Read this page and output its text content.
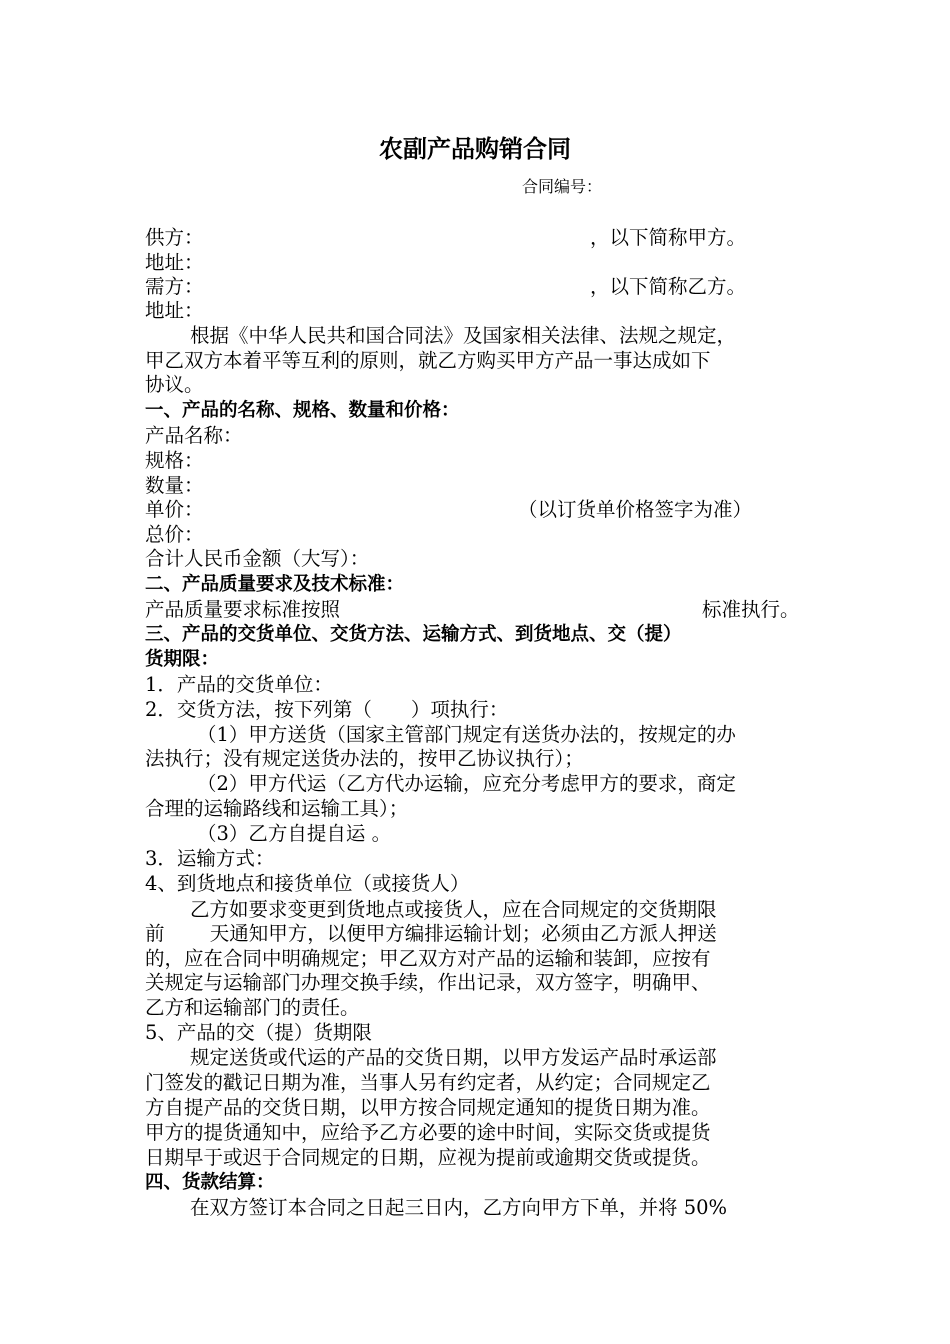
农副产品购销合同
合同编号：
供方：	，以下简称甲方。
地址：
需方：	，以下简称乙方。
地址：
根据《中华人民共和国合同法》及国家相关法律、法规之规定，
甲乙双方本着平等互利的原则，就乙方购买甲方产品一事达成如下
协议。
一、产品的名称、规格、数量和价格：
产品名称：
规格：
数量：
单价：	（以订货单价格签字为准）
总价：
合计人民币金额（大写）：
二、产品质量要求及技术标准：
产品质量要求标准按照	标准执行。
三、产品的交货单位、交货方法、运输方式、到货地点、交（提）
货期限：
1．产品的交货单位：
2．交货方法，按下列第（　　）项执行：
（1）甲方送货（国家主管部门规定有送货办法的，按规定的办
法执行；没有规定送货办法的，按甲乙协议执行）；
（2）甲方代运（乙方代办运输，应充分考虑甲方的要求，商定
合理的运输路线和运输工具）；
（3）乙方自提自运 。
3．运输方式：
4、到货地点和接货单位（或接货人）
乙方如要求变更到货地点或接货人，应在合同规定的交货期限
前　　 天通知甲方，以便甲方编排运输计划；必须由乙方派人押送
的，应在合同中明确规定；甲乙双方对产品的运输和装卸，应按有
关规定与运输部门办理交换手续，作出记录，双方签字，明确甲、
乙方和运输部门的责任。
5、产品的交（提）货期限
规定送货或代运的产品的交货日期，以甲方发运产品时承运部
门签发的戳记日期为准，当事人另有约定者，从约定；合同规定乙
方自提产品的交货日期，以甲方按合同规定通知的提货日期为准。
甲方的提货通知中，应给予乙方必要的途中时间，实际交货或提货
日期早于或迟于合同规定的日期，应视为提前或逾期交货或提货。
四、货款结算：
在双方签订本合同之日起三日内，乙方向甲方下单，并将 50%
